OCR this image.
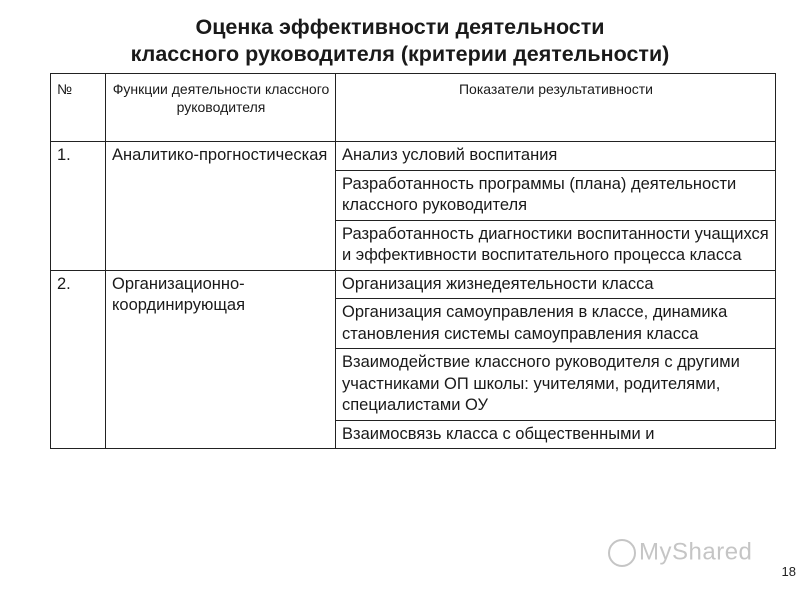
Оценка эффективности деятельности
классного руководителя (критерии деятельности)
№	Функции деятельности классного руководителя	Показатели результативности
1.	Аналитико-прогностическая	Анализ условий воспитания
		Разработанность программы (плана) деятельности классного руководителя
		Разработанность диагностики воспитанности учащихся и эффективности воспитательного процесса класса
2.	Организационно-координирующая	Организация жизнедеятельности класса
		Организация самоуправления в классе, динамика становления системы самоуправления класса
		Взаимодействие классного руководителя с другими участниками ОП школы: учителями, родителями, специалистами ОУ
		Взаимосвязь класса с общественными и
MyShared
18
